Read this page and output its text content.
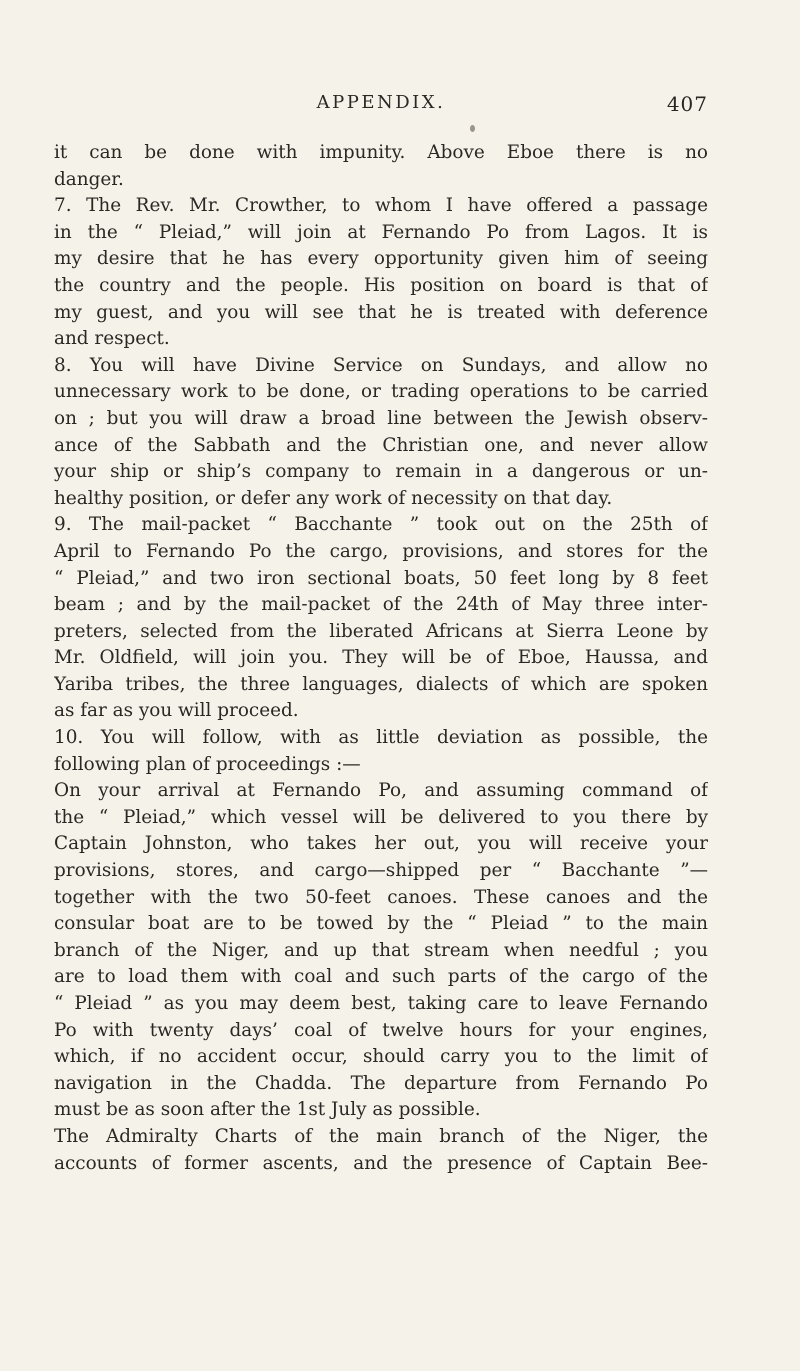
APPENDIX.	407
it can be done with impunity. Above Eboe there is no
danger.
7. The Rev. Mr. Crowther, to whom I have offered a passage
in the “ Pleiad,” will join at Fernando Po from Lagos. It is
my desire that he has every opportunity given him of seeing
the country and the people. His position on board is that of
my guest, and you will see that he is treated with deference
and respect.
8. You will have Divine Service on Sundays, and allow no
unnecessary work to be done, or trading operations to be carried
on ; but you will draw a broad line between the Jewish observ-
ance of the Sabbath and the Christian one, and never allow
your ship or ship’s company to remain in a dangerous or un-
healthy position, or defer any work of necessity on that day.
9. The mail-packet “ Bacchante ” took out on the 25th of
April to Fernando Po the cargo, provisions, and stores for the
“ Pleiad,” and two iron sectional boats, 50 feet long by 8 feet
beam ; and by the mail-packet of the 24th of May three inter-
preters, selected from the liberated Africans at Sierra Leone by
Mr. Oldfield, will join you. They will be of Eboe, Haussa, and
Yariba tribes, the three languages, dialects of which are spoken
as far as you will proceed.
10. You will follow, with as little deviation as possible, the
following plan of proceedings :—
On your arrival at Fernando Po, and assuming command of
the “ Pleiad,” which vessel will be delivered to you there by
Captain Johnston, who takes her out, you will receive your
provisions, stores, and cargo—shipped per “ Bacchante ”—
together with the two 50-feet canoes. These canoes and the
consular boat are to be towed by the “ Pleiad ” to the main
branch of the Niger, and up that stream when needful ; you
are to load them with coal and such parts of the cargo of the
“ Pleiad ” as you may deem best, taking care to leave Fernando
Po with twenty days’ coal of twelve hours for your engines,
which, if no accident occur, should carry you to the limit of
navigation in the Chadda. The departure from Fernando Po
must be as soon after the 1st July as possible.
The Admiralty Charts of the main branch of the Niger, the
accounts of former ascents, and the presence of Captain Bee-
